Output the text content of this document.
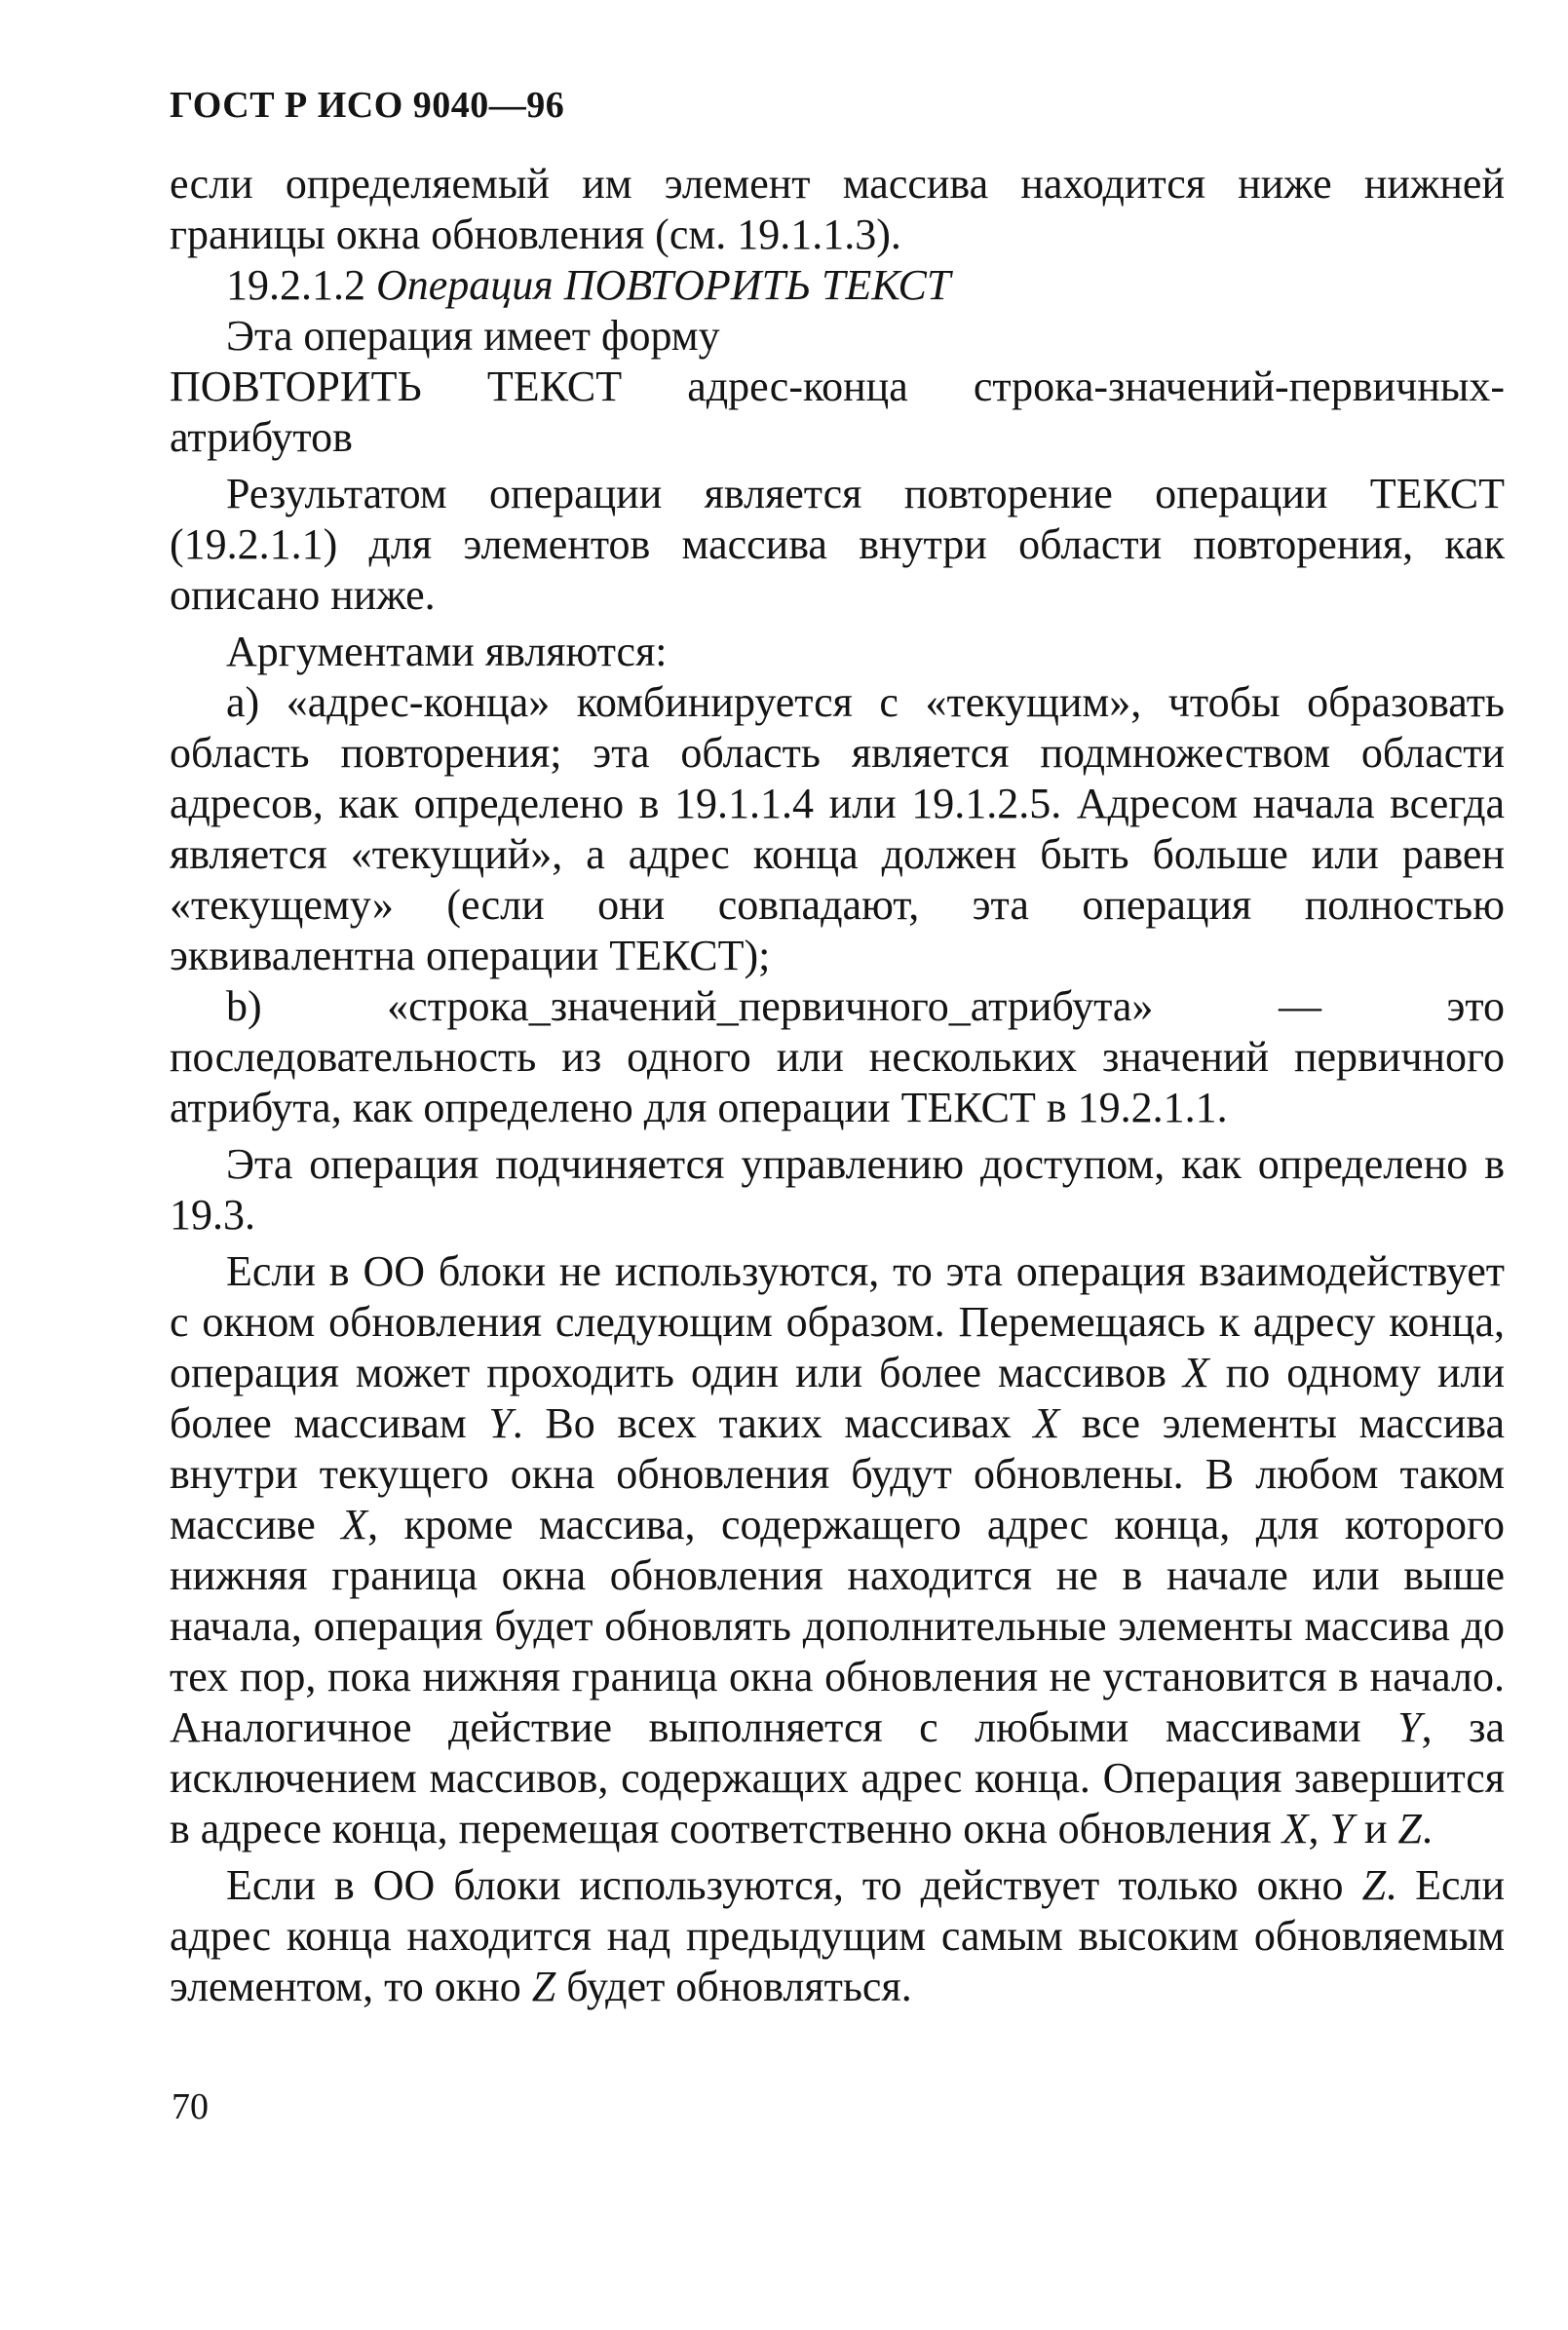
ГОСТ Р ИСО 9040—96

если определяемый им элемент массива находится ниже нижней границы окна обновления (см. 19.1.1.3).

19.2.1.2 Операция ПОВТОРИТЬ ТЕКСТ

Эта операция имеет форму

ПОВТОРИТЬ ТЕКСТ адрес-конца строка-значений-первичных-атрибутов

Результатом операции является повторение операции ТЕКСТ (19.2.1.1) для элементов массива внутри области повторения, как описано ниже.

Аргументами являются:

а) «адрес-конца» комбинируется с «текущим», чтобы образовать область повторения; эта область является подмножеством области адресов, как определено в 19.1.1.4 или 19.1.2.5. Адресом начала всегда является «текущий», а адрес конца должен быть больше или равен «текущему» (если они совпадают, эта операция полностью эквивалентна операции ТЕКСТ);

b) «строка_значений_первичного_атрибута» — это последовательность из одного или нескольких значений первичного атрибута, как определено для операции ТЕКСТ в 19.2.1.1.

Эта операция подчиняется управлению доступом, как определено в 19.3.

Если в ОО блоки не используются, то эта операция взаимодействует с окном обновления следующим образом. Перемещаясь к адресу конца, операция может проходить один или более массивов X по одному или более массивам Y. Во всех таких массивах X все элементы массива внутри текущего окна обновления будут обновлены. В любом таком массиве X, кроме массива, содержащего адрес конца, для которого нижняя граница окна обновления находится не в начале или выше начала, операция будет обновлять дополнительные элементы массива до тех пор, пока нижняя граница окна обновления не установится в начало. Аналогичное действие выполняется с любыми массивами Y, за исключением массивов, содержащих адрес конца. Операция завершится в адресе конца, перемещая соответственно окна обновления X, Y и Z.

Если в ОО блоки используются, то действует только окно Z. Если адрес конца находится над предыдущим самым высоким обновляемым элементом, то окно Z будет обновляться.

70
